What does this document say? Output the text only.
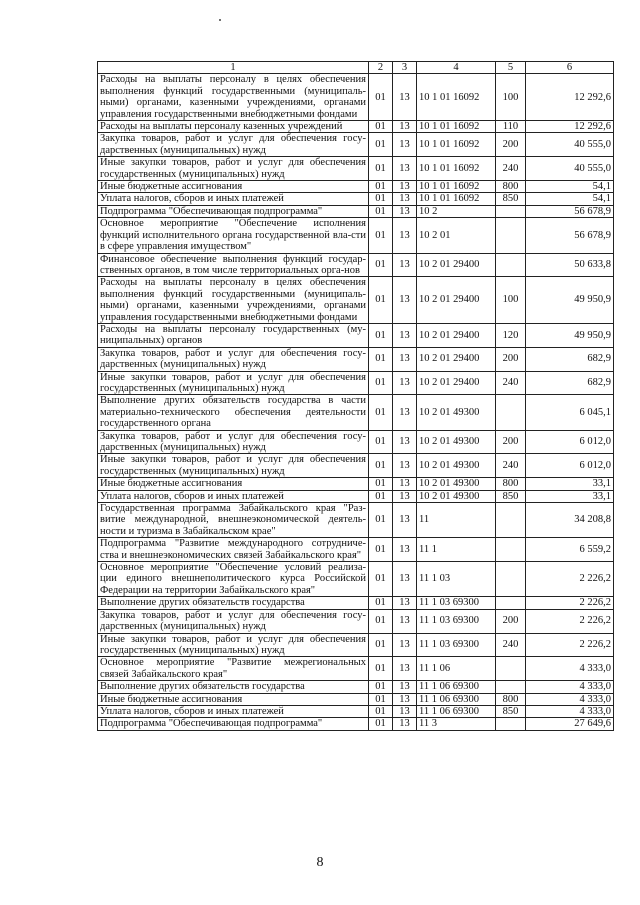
1	2	3	4	5	6
Расходы на выплаты персоналу в целях обеспечения выполнения функций государственными (муниципаль-ными) органами, казенными учреждениями, органами управления государственными внебюджетными фондами	01	13	10 1 01 16092	100	12 292,6
Расходы на выплаты персоналу казенных учреждений	01	13	10 1 01 16092	110	12 292,6
Закупка товаров, работ и услуг для обеспечения госу-дарственных (муниципальных) нужд	01	13	10 1 01 16092	200	40 555,0
Иные закупки товаров, работ и услуг для обеспечения государственных (муниципальных) нужд	01	13	10 1 01 16092	240	40 555,0
Иные бюджетные ассигнования	01	13	10 1 01 16092	800	54,1
Уплата налогов, сборов и иных платежей	01	13	10 1 01 16092	850	54,1
Подпрограмма "Обеспечивающая подпрограмма"	01	13	10 2		56 678,9
Основное мероприятие "Обеспечение исполнения функций исполнительного органа государственной вла-сти в сфере управления имуществом"	01	13	10 2 01		56 678,9
Финансовое обеспечение выполнения функций государ-ственных органов, в том числе территориальных орга-нов	01	13	10 2 01 29400		50 633,8
Расходы на выплаты персоналу в целях обеспечения выполнения функций государственными (муниципаль-ными) органами, казенными учреждениями, органами управления государственными внебюджетными фондами	01	13	10 2 01 29400	100	49 950,9
Расходы на выплаты персоналу государственных (му-ниципальных) органов	01	13	10 2 01 29400	120	49 950,9
Закупка товаров, работ и услуг для обеспечения госу-дарственных (муниципальных) нужд	01	13	10 2 01 29400	200	682,9
Иные закупки товаров, работ и услуг для обеспечения государственных (муниципальных) нужд	01	13	10 2 01 29400	240	682,9
Выполнение других обязательств государства в части материально-технического обеспечения деятельности государственного органа	01	13	10 2 01 49300		6 045,1
Закупка товаров, работ и услуг для обеспечения госу-дарственных (муниципальных) нужд	01	13	10 2 01 49300	200	6 012,0
Иные закупки товаров, работ и услуг для обеспечения государственных (муниципальных) нужд	01	13	10 2 01 49300	240	6 012,0
Иные бюджетные ассигнования	01	13	10 2 01 49300	800	33,1
Уплата налогов, сборов и иных платежей	01	13	10 2 01 49300	850	33,1
Государственная программа Забайкальского края "Раз-витие международной, внешнеэкономической деятель-ности и туризма в Забайкальском крае"	01	13	11		34 208,8
Подпрограмма "Развитие международного сотрудниче-ства и внешнеэкономических связей Забайкальского края"	01	13	11 1		6 559,2
Основное мероприятие "Обеспечение условий реализа-ции единого внешнеполитического курса Российской Федерации на территории Забайкальского края"	01	13	11 1 03		2 226,2
Выполнение других обязательств государства	01	13	11 1 03 69300		2 226,2
Закупка товаров, работ и услуг для обеспечения госу-дарственных (муниципальных) нужд	01	13	11 1 03 69300	200	2 226,2
Иные закупки товаров, работ и услуг для обеспечения государственных (муниципальных) нужд	01	13	11 1 03 69300	240	2 226,2
Основное мероприятие "Развитие межрегиональных связей Забайкальского края"	01	13	11 1 06		4 333,0
Выполнение других обязательств государства	01	13	11 1 06 69300		4 333,0
Иные бюджетные ассигнования	01	13	11 1 06 69300	800	4 333,0
Уплата налогов, сборов и иных платежей	01	13	11 1 06 69300	850	4 333,0
Подпрограмма "Обеспечивающая подпрограмма"	01	13	11 3		27 649,6
8
